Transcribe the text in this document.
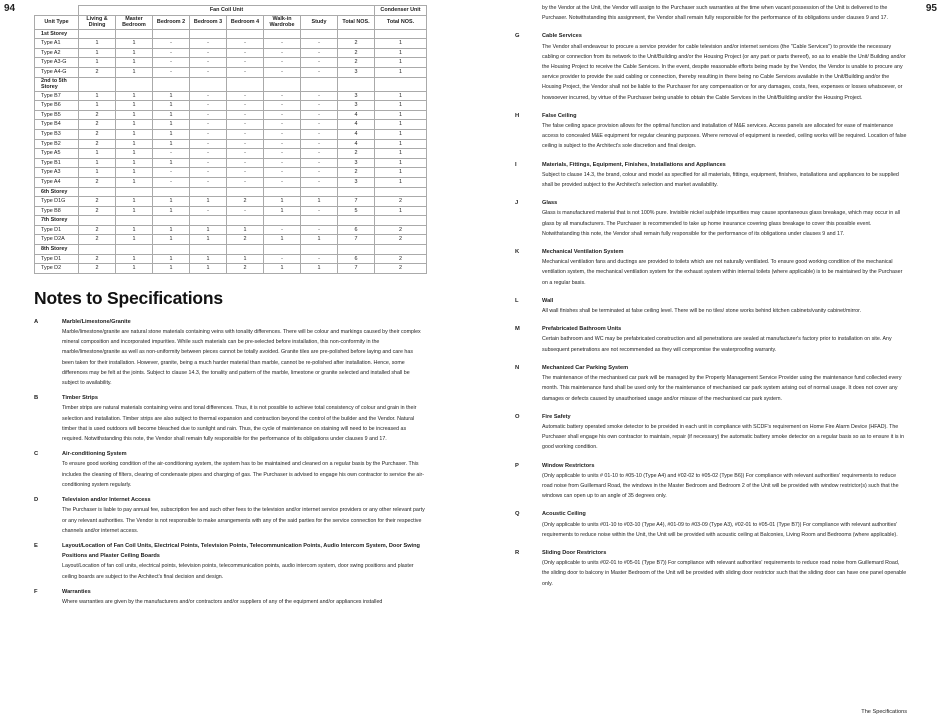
94	95
	Fan Coil Unit								Condenser Unit
Unit Type	Living & Dining	Master Bedroom	Bedroom 2	Bedroom 3	Bedroom 4	Walk-in Wardrobe	Study	Total NOS.	Total NOS.
1st Storey									
Type A1	1	1	-	-	-	-	-	2	1
Type A2	1	1	-	-	-	-	-	2	1
Type A3-G	1	1	-	-	-	-	-	2	1
Type A4-G	2	1	-	-	-	-	-	3	1
2nd to 5th Storey									
Type B7	1	1	1	-	-	-	-	3	1
Type B6	1	1	1	-	-	-	-	3	1
Type B5	2	1	1	-	-	-	-	4	1
Type B4	2	1	1	-	-	-	-	4	1
Type B3	2	1	1	-	-	-	-	4	1
Type B2	2	1	1	-	-	-	-	4	1
Type A5	1	1	-	-	-	-	-	2	1
Type B1	1	1	1	-	-	-	-	3	1
Type A3	1	1	-	-	-	-	-	2	1
Type A4	2	1	-	-	-	-	-	3	1
6th Storey									
Type D1G	2	1	1	1	2	1	1	7	2
Type B8	2	1	1	-	-	1	-	5	1
7th Storey									
Type D1	2	1	1	1	1	-	-	6	2
Type D2A	2	1	1	1	2	1	1	7	2
8th Storey									
Type D1	2	1	1	1	1	-	-	6	2
Type D2	2	1	1	1	2	1	1	7	2
Notes to Specifications
A	Marble/Limestone/Granite

Marble/limestone/granite are natural stone materials containing veins with tonality differences. There will be colour and markings caused by their complex mineral composition and incorporated impurities. While such materials can be pre-selected before installation, this non-conformity in the marble/limestone/granite as well as non-uniformity between pieces cannot be totally avoided. Granite tiles are pre-polished before laying and care has been taken for their installation. However, granite, being a much harder material than marble, cannot be re-polished after installation. Hence, some differences may be felt at the joints. Subject to clause 14.3, the tonality and pattern of the marble, limestone or granite selected and installed shall be subject to availability.

B	Timber Strips

Timber strips are natural materials containing veins and tonal differences. Thus, it is not possible to achieve total consistency of colour and grain in their selection and installation. Timber strips are also subject to thermal expansion and contraction beyond the control of the builder and the Vendor. Natural timber that is used outdoors will become bleached due to sunlight and rain. Thus, the cycle of maintenance on staining will need to be increased as required. Notwithstanding this note, the Vendor shall remain fully responsible for the performance of its obligations under clauses 9 and 17.

C	Air-conditioning System

To ensure good working condition of the air-conditioning system, the system has to be maintained and cleaned on a regular basis by the Purchaser. This includes the cleaning of filters, clearing of condensate pipes and charging of gas. The Purchaser is advised to engage his own contractor to service the air-conditioning system regularly.

D	Television and/or Internet Access

The Purchaser is liable to pay annual fee, subscription fee and such other fees to the television and/or internet service providers or any other relevant party or any relevant authorities. The Vendor is not responsible to make arrangements with any of the said parties for the service connection for their respective channels and/or internet access.

E	Layout/Location of Fan Coil Units, Electrical Points, Television Points, Telecommunication Points, Audio Intercom System, Door Swing Positions and Plaster Ceiling Boards

Layout/Location of fan coil units, electrical points, television points, telecommunication points, audio intercom system, door swing positions and plaster ceiling boards are subject to the Architect's final decision and design.

F	Warranties

Where warranties are given by the manufacturers and/or contractors and/or suppliers of any of the equipment and/or appliances installed

by the Vendor at the Unit, the Vendor will assign to the Purchaser such warranties at the time when vacant possession of the Unit is delivered to the Purchaser. Notwithstanding this assignment, the Vendor shall remain fully responsible for the performance of its obligations under clauses 9 and 17.

G	Cable Services

The Vendor shall endeavour to procure a service provider for cable television and/or internet services (the "Cable Services") to provide the necessary cabling or connection from its network to the Unit/Building and/or the Housing Project (or any part or parts thereof), so as to enable the Unit/ Building and/or the Housing Project to receive the Cable Services. In the event, despite reasonable efforts being made by the Vendor, the Vendor is unable to procure any service provider to provide the said cabling or connection, thereby resulting in there being no Cable Services available in the Unit/Building and/or the Housing Project, the Vendor shall not be liable to the Purchaser for any compensation or for any damages, costs, fees, expenses or losses whatsoever, or howsoever incurred, by virtue of the Purchaser being unable to obtain the Cable Services in the Unit/Building and/or the Housing Project.

H	False Ceiling

The false ceiling space provision allows for the optimal function and installation of M&E services. Access panels are allocated for ease of maintenance access to concealed M&E equipment for regular cleaning purposes. Where removal of equipment is needed, ceiling works will be required. Location of false ceiling is subject to the Architect's sole discretion and final design.

I	Materials, Fittings, Equipment, Finishes, Installations and Appliances

Subject to clause 14.3, the brand, colour and model as specified for all materials, fittings, equipment, finishes, installations and appliances to be supplied shall be provided subject to the Architect's selection and market availability.

J	Glass

Glass is manufactured material that is not 100% pure. Invisible nickel sulphide impurities may cause spontaneous glass breakage, which may occur in all glass by all manufacturers. The Purchaser is recommended to take up home insurance covering glass breakage to cover this possible event. Notwithstanding this note, the Vendor shall remain fully responsible for the performance of its obligations under clauses 9 and 17.

K	Mechanical Ventilation System

Mechanical ventilation fans and ductings are provided to toilets which are not naturally ventilated. To ensure good working condition of the mechanical ventilation system, the mechanical ventilation system for the exhaust system within internal toilets (where applicable) is to be maintained by the Purchaser on a regular basis.

L	Wall

All wall finishes shall be terminated at false ceiling level. There will be no tiles/ stone works behind kitchen cabinets/vanity cabinet/mirror.

M	Prefabricated Bathroom Units

Certain bathroom and WC may be prefabricated construction and all penetrations are sealed at manufacturer's factory prior to installation on site. Any subsequent penetrations are not recommended as they will compromise the waterproofing warranty.

N	Mechanized Car Parking System

The maintenance of the mechanised car park will be managed by the Property Management Service Provider using the maintenance fund collected every month. This maintenance fund shall be used only for the maintenance of mechanised car park system arising out of normal usage. It does not cover any damages or defects caused by unauthorised usage and/or misuse of the mechanised car park system.

O	Fire Safety

Automatic battery operated smoke detector to be provided in each unit in compliance with SCDF's requirement on Home Fire Alarm Device (HFAD). The Purchaser shall engage his own contractor to maintain, repair (if necessary) the automatic battery smoke detector on a regular basis so as to ensure it is in good working condition.

P	Window Restrictors

(Only applicable to units # 01-10 to #05-10 (Type A4) and #02-02 to #05-02 (Type B6)) For compliance with relevant authorities' requirements to reduce road noise from Guillemard Road, the windows in the Master Bedroom and Bedroom 2 of the Unit will be provided with window restrictor(s) such that the windows can open up to an angle of 35 degrees only.

Q	Acoustic Ceiling

(Only applicable to units #01-10 to #03-10 (Type A4), #01-09 to #03-09 (Type A3), #02-01 to #05-01 (Type B7)) For compliance with relevant authorities' requirements to reduce noise within the Unit, the Unit will be provided with acoustic ceiling at Balconies, Living Room and Bedrooms (where applicable).

R	Sliding Door Restrictors

(Only applicable to units #02-01 to #05-01 (Type B7)) For compliance with relevant authorities' requirements to reduce road noise from Guillemard Road, the sliding door to balcony in Master Bedroom of the Unit will be provided with sliding door restrictor such that the sliding door can have one panel openable only.

The Specifications
